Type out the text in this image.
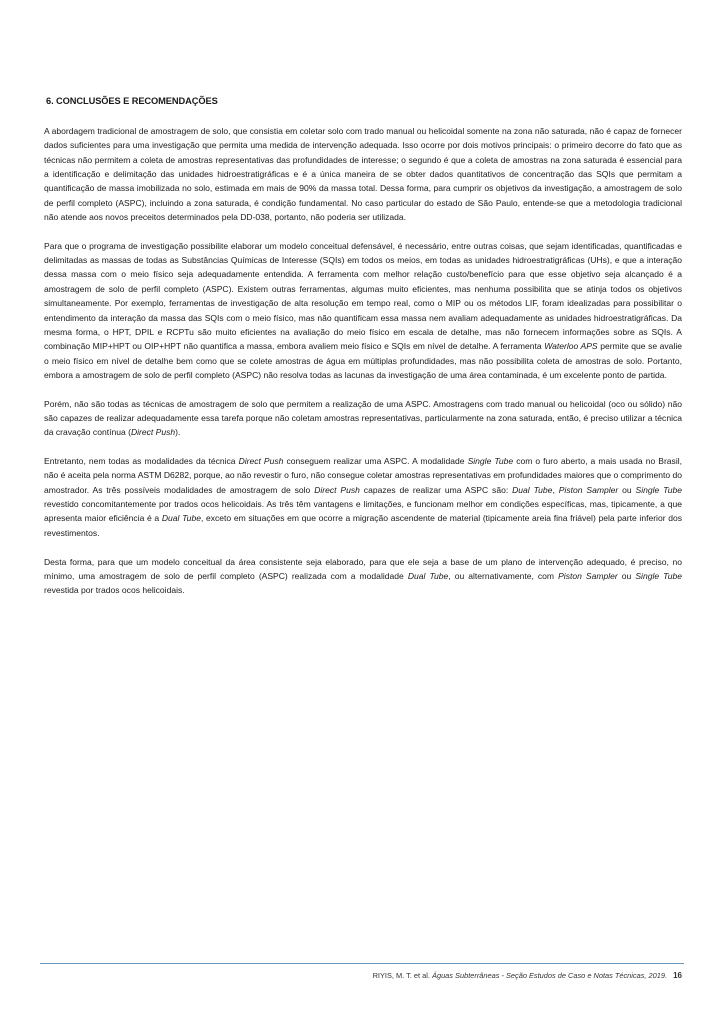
6. CONCLUSÕES E RECOMENDAÇÕES

A abordagem tradicional de amostragem de solo, que consistia em coletar solo com trado manual ou helicoidal somente na zona não saturada, não é capaz de fornecer dados suficientes para uma investigação que permita uma medida de intervenção adequada. Isso ocorre por dois motivos principais: o primeiro decorre do fato que as técnicas não permitem a coleta de amostras representativas das profundidades de interesse; o segundo é que a coleta de amostras na zona saturada é essencial para a identificação e delimitação das unidades hidroestratigráficas e é a única maneira de se obter dados quantitativos de concentração das SQIs que permitam a quantificação de massa imobilizada no solo, estimada em mais de 90% da massa total. Dessa forma, para cumprir os objetivos da investigação, a amostragem de solo de perfil completo (ASPC), incluindo a zona saturada, é condição fundamental. No caso particular do estado de São Paulo, entende-se que a metodologia tradicional não atende aos novos preceitos determinados pela DD-038, portanto, não poderia ser utilizada.

Para que o programa de investigação possibilite elaborar um modelo conceitual defensável, é necessário, entre outras coisas, que sejam identificadas, quantificadas e delimitadas as massas de todas as Substâncias Químicas de Interesse (SQIs) em todos os meios, em todas as unidades hidroestratigráficas (UHs), e que a interação dessa massa com o meio físico seja adequadamente entendida. A ferramenta com melhor relação custo/benefício para que esse objetivo seja alcançado é a amostragem de solo de perfil completo (ASPC). Existem outras ferramentas, algumas muito eficientes, mas nenhuma possibilita que se atinja todos os objetivos simultaneamente. Por exemplo, ferramentas de investigação de alta resolução em tempo real, como o MIP ou os métodos LIF, foram idealizadas para possibilitar o entendimento da interação da massa das SQIs com o meio físico, mas não quantificam essa massa nem avaliam adequadamente as unidades hidroestratigráficas. Da mesma forma, o HPT, DPIL e RCPTu são muito eficientes na avaliação do meio físico em escala de detalhe, mas não fornecem informações sobre as SQIs. A combinação MIP+HPT ou OIP+HPT não quantifica a massa, embora avaliem meio físico e SQIs em nível de detalhe. A ferramenta Waterloo APS permite que se avalie o meio físico em nível de detalhe bem como que se colete amostras de água em múltiplas profundidades, mas não possibilita coleta de amostras de solo. Portanto, embora a amostragem de solo de perfil completo (ASPC) não resolva todas as lacunas da investigação de uma área contaminada, é um excelente ponto de partida.

Porém, não são todas as técnicas de amostragem de solo que permitem a realização de uma ASPC. Amostragens com trado manual ou helicoidal (oco ou sólido) não são capazes de realizar adequadamente essa tarefa porque não coletam amostras representativas, particularmente na zona saturada, então, é preciso utilizar a técnica da cravação contínua (Direct Push).

Entretanto, nem todas as modalidades da técnica Direct Push conseguem realizar uma ASPC. A modalidade Single Tube com o furo aberto, a mais usada no Brasil, não é aceita pela norma ASTM D6282, porque, ao não revestir o furo, não consegue coletar amostras representativas em profundidades maiores que o comprimento do amostrador. As três possíveis modalidades de amostragem de solo Direct Push capazes de realizar uma ASPC são: Dual Tube, Piston Sampler ou Single Tube revestido concomitantemente por trados ocos helicoidais. As três têm vantagens e limitações, e funcionam melhor em condições específicas, mas, tipicamente, a que apresenta maior eficiência é a Dual Tube, exceto em situações em que ocorre a migração ascendente de material (tipicamente areia fina friável) pela parte inferior dos revestimentos.

Desta forma, para que um modelo conceitual da área consistente seja elaborado, para que ele seja a base de um plano de intervenção adequado, é preciso, no mínimo, uma amostragem de solo de perfil completo (ASPC) realizada com a modalidade Dual Tube, ou alternativamente, com Piston Sampler ou Single Tube revestida por trados ocos helicoidais.

RIYIS, M. T. et al. Águas Subterrâneas - Seção Estudos de Caso e Notas Técnicas, 2019. 16
